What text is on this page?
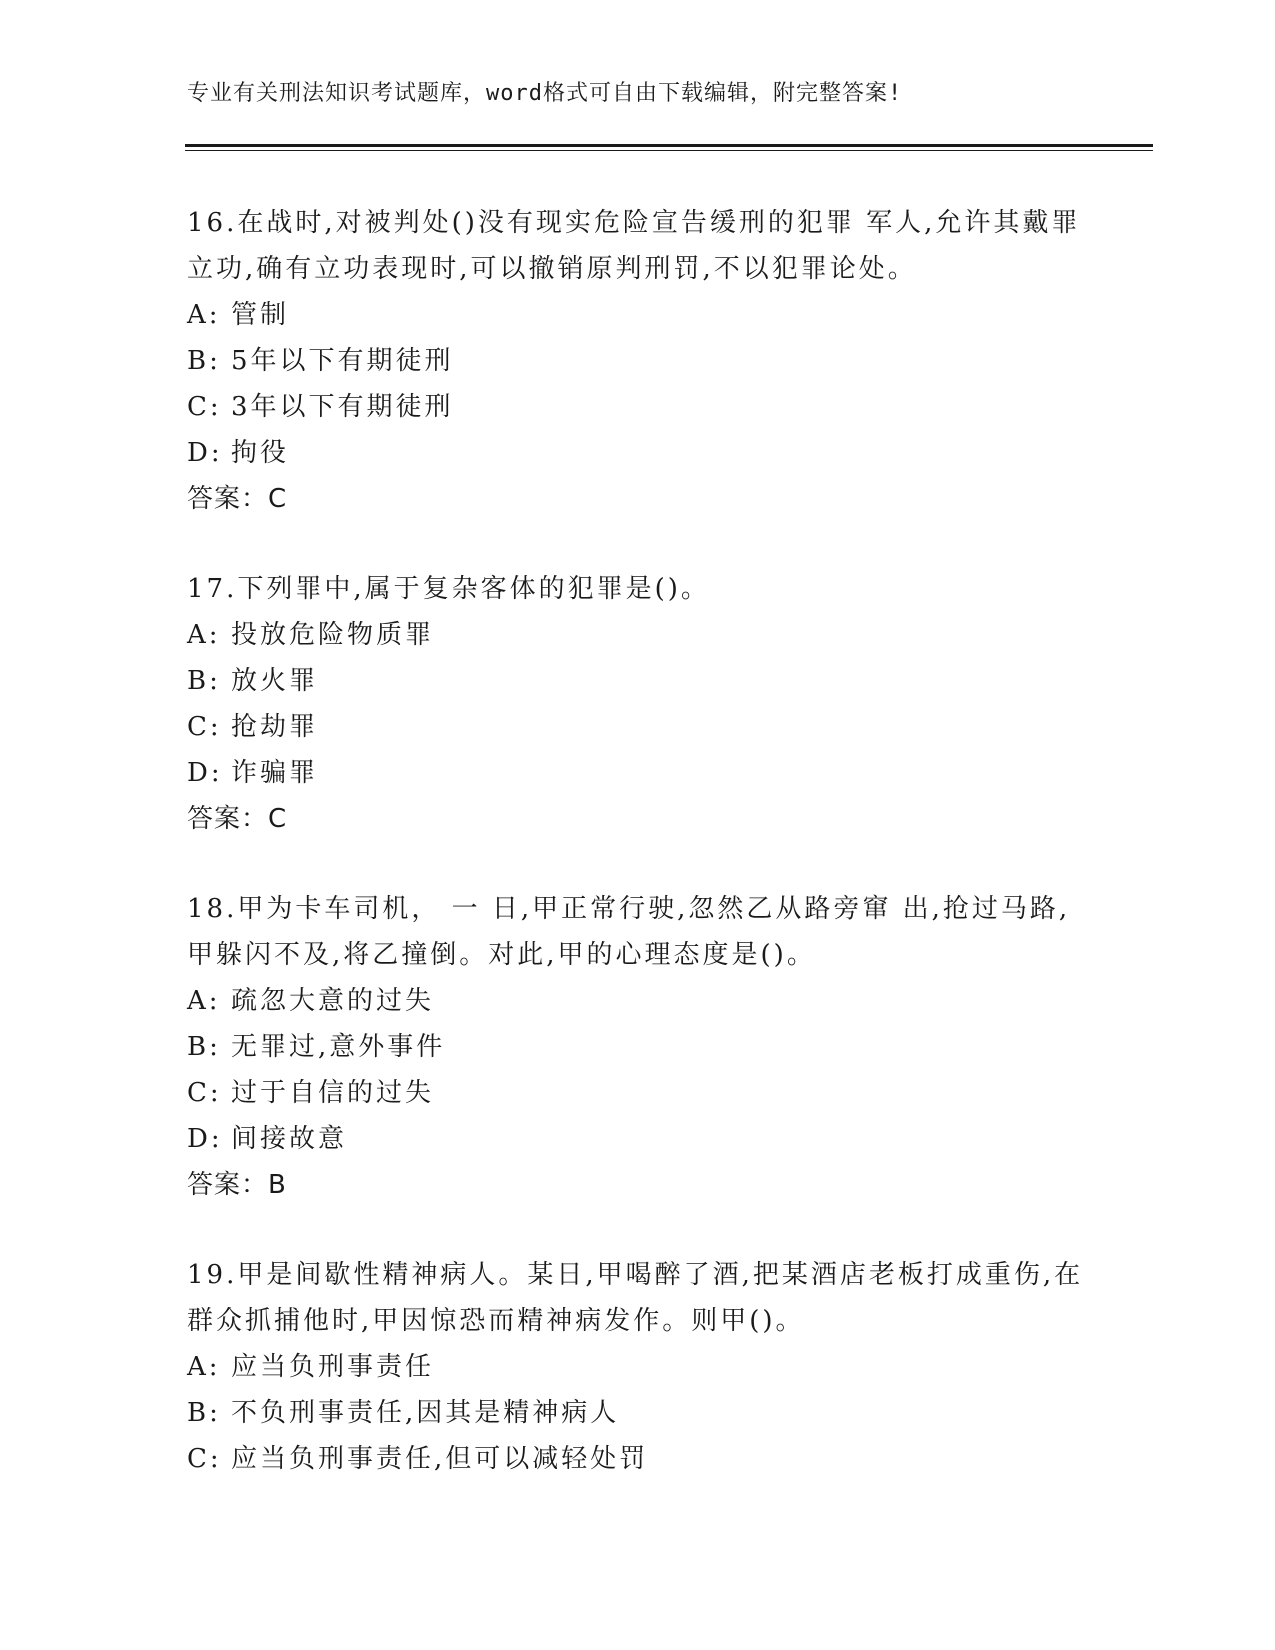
专业有关刑法知识考试题库，word格式可自由下载编辑，附完整答案!

16.在战时,对被判处()没有现实危险宣告缓刑的犯罪 军人,允许其戴罪立功,确有立功表现时,可以撤销原判刑罚,不以犯罪论处。

A: 管制

B: 5年以下有期徒刑

C: 3年以下有期徒刑

D: 拘役

答案：C

17.下列罪中,属于复杂客体的犯罪是()。

A: 投放危险物质罪

B: 放火罪

C: 抢劫罪

D: 诈骗罪

答案：C

18.甲为卡车司机， 一 日,甲正常行驶,忽然乙从路旁窜 出,抢过马路,甲躲闪不及,将乙撞倒。对此,甲的心理态度是()。

A: 疏忽大意的过失

B: 无罪过,意外事件

C: 过于自信的过失

D: 间接故意

答案：B

19.甲是间歇性精神病人。某日,甲喝醉了酒,把某酒店老板打成重伤,在群众抓捕他时,甲因惊恐而精神病发作。则甲()。

A: 应当负刑事责任

B: 不负刑事责任,因其是精神病人

C: 应当负刑事责任,但可以减轻处罚
